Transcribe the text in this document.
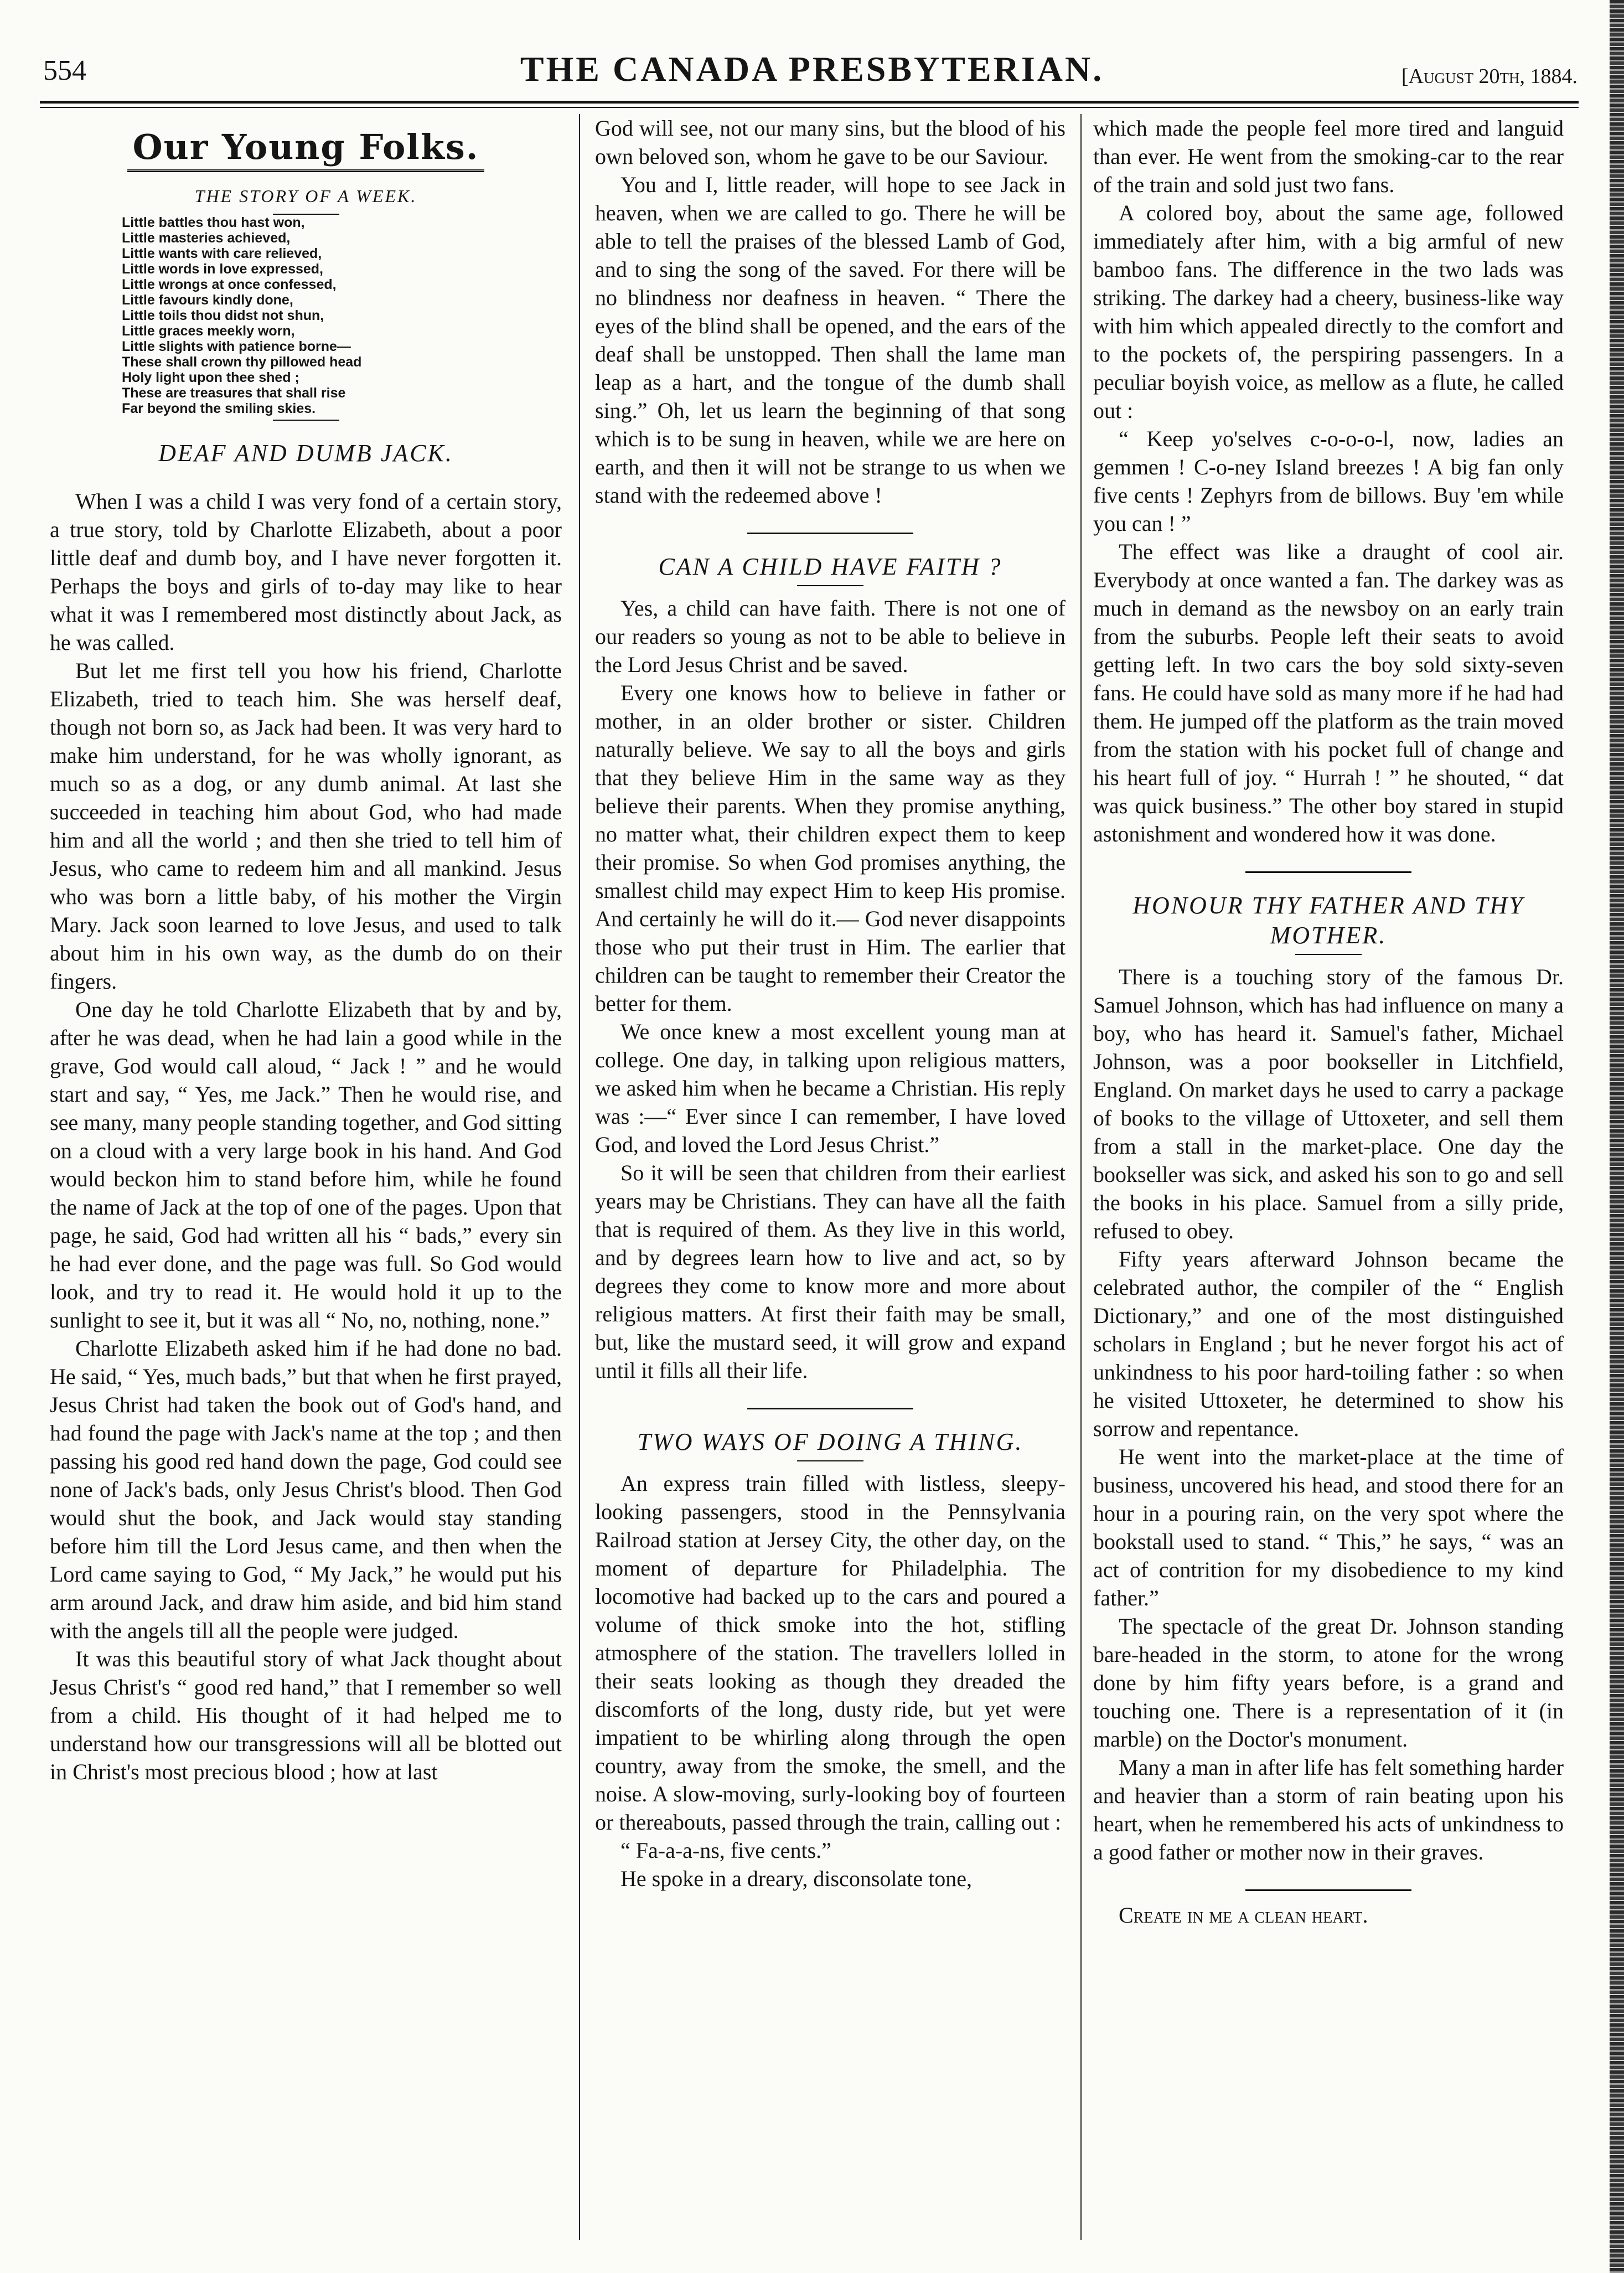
554	THE CANADA PRESBYTERIAN.	[August 20th, 1884.
Our Young Folks.
THE STORY OF A WEEK.
Little battles thou hast won,
Little masteries achieved,
Little wants with care relieved,
Little words in love expressed,
Little wrongs at once confessed,
Little favours kindly done,
Little toils thou didst not shun,
Little graces meekly worn,
Little slights with patience borne—
These shall crown thy pillowed head
Holy light upon thee shed ;
These are treasures that shall rise
Far beyond the smiling skies.
DEAF AND DUMB JACK.

When I was a child I was very fond of a certain story, a true story, told by Charlotte Elizabeth, about a poor little deaf and dumb boy, and I have never forgotten it. Perhaps the boys and girls of to-day may like to hear what it was I remembered most distinctly about Jack, as he was called.

But let me first tell you how his friend, Charlotte Elizabeth, tried to teach him. She was herself deaf, though not born so, as Jack had been. It was very hard to make him understand, for he was wholly ignorant, as much so as a dog, or any dumb animal. At last she succeeded in teaching him about God, who had made him and all the world ; and then she tried to tell him of Jesus, who came to redeem him and all mankind. Jesus who was born a little baby, of his mother the Virgin Mary. Jack soon learned to love Jesus, and used to talk about him in his own way, as the dumb do on their fingers.

One day he told Charlotte Elizabeth that by and by, after he was dead, when he had lain a good while in the grave, God would call aloud, “ Jack ! ” and he would start and say, “ Yes, me Jack.” Then he would rise, and see many, many people standing together, and God sitting on a cloud with a very large book in his hand. And God would beckon him to stand before him, while he found the name of Jack at the top of one of the pages. Upon that page, he said, God had written all his “ bads,” every sin he had ever done, and the page was full. So God would look, and try to read it. He would hold it up to the sunlight to see it, but it was all “ No, no, nothing, none.”

Charlotte Elizabeth asked him if he had done no bad. He said, “ Yes, much bads,” but that when he first prayed, Jesus Christ had taken the book out of God's hand, and had found the page with Jack's name at the top ; and then passing his good red hand down the page, God could see none of Jack's bads, only Jesus Christ's blood. Then God would shut the book, and Jack would stay standing before him till the Lord Jesus came, and then when the Lord came saying to God, “ My Jack,” he would put his arm around Jack, and draw him aside, and bid him stand with the angels till all the people were judged.

It was this beautiful story of what Jack thought about Jesus Christ's “ good red hand,” that I remember so well from a child. His thought of it had helped me to understand how our transgressions will all be blotted out in Christ's most precious blood ; how at last

God will see, not our many sins, but the blood of his own beloved son, whom he gave to be our Saviour.

You and I, little reader, will hope to see Jack in heaven, when we are called to go. There he will be able to tell the praises of the blessed Lamb of God, and to sing the song of the saved. For there will be no blindness nor deafness in heaven. “ There the eyes of the blind shall be opened, and the ears of the deaf shall be unstopped. Then shall the lame man leap as a hart, and the tongue of the dumb shall sing.” Oh, let us learn the beginning of that song which is to be sung in heaven, while we are here on earth, and then it will not be strange to us when we stand with the redeemed above !

CAN A CHILD HAVE FAITH ?

Yes, a child can have faith. There is not one of our readers so young as not to be able to believe in the Lord Jesus Christ and be saved.

Every one knows how to believe in father or mother, in an older brother or sister. Children naturally believe. We say to all the boys and girls that they believe Him in the same way as they believe their parents. When they promise anything, no matter what, their children expect them to keep their promise. So when God promises anything, the smallest child may expect Him to keep His promise. And certainly he will do it.— God never disappoints those who put their trust in Him. The earlier that children can be taught to remember their Creator the better for them.

We once knew a most excellent young man at college. One day, in talking upon religious matters, we asked him when he became a Christian. His reply was :—“ Ever since I can remember, I have loved God, and loved the Lord Jesus Christ.”

So it will be seen that children from their earliest years may be Christians. They can have all the faith that is required of them. As they live in this world, and by degrees learn how to live and act, so by degrees they come to know more and more about religious matters. At first their faith may be small, but, like the mustard seed, it will grow and expand until it fills all their life.

TWO WAYS OF DOING A THING.

An express train filled with listless, sleepy-looking passengers, stood in the Pennsylvania Railroad station at Jersey City, the other day, on the moment of departure for Philadelphia. The locomotive had backed up to the cars and poured a volume of thick smoke into the hot, stifling atmosphere of the station. The travellers lolled in their seats looking as though they dreaded the discomforts of the long, dusty ride, but yet were impatient to be whirling along through the open country, away from the smoke, the smell, and the noise. A slow-moving, surly-looking boy of fourteen or thereabouts, passed through the train, calling out :

“ Fa-a-a-ns, five cents.”

He spoke in a dreary, disconsolate tone,

which made the people feel more tired and languid than ever. He went from the smoking-car to the rear of the train and sold just two fans.

A colored boy, about the same age, followed immediately after him, with a big armful of new bamboo fans. The difference in the two lads was striking. The darkey had a cheery, business-like way with him which appealed directly to the comfort and to the pockets of, the perspiring passengers. In a peculiar boyish voice, as mellow as a flute, he called out :

“ Keep yo'selves c-o-o-o-l, now, ladies an gemmen ! C-o-ney Island breezes ! A big fan only five cents ! Zephyrs from de billows. Buy 'em while you can ! ”

The effect was like a draught of cool air. Everybody at once wanted a fan. The darkey was as much in demand as the newsboy on an early train from the suburbs. People left their seats to avoid getting left. In two cars the boy sold sixty-seven fans. He could have sold as many more if he had had them. He jumped off the platform as the train moved from the station with his pocket full of change and his heart full of joy. “ Hurrah ! ” he shouted, “ dat was quick business.” The other boy stared in stupid astonishment and wondered how it was done.

HONOUR THY FATHER AND THY MOTHER.

There is a touching story of the famous Dr. Samuel Johnson, which has had influence on many a boy, who has heard it. Samuel's father, Michael Johnson, was a poor bookseller in Litchfield, England. On market days he used to carry a package of books to the village of Uttoxeter, and sell them from a stall in the market-place. One day the bookseller was sick, and asked his son to go and sell the books in his place. Samuel from a silly pride, refused to obey.

Fifty years afterward Johnson became the celebrated author, the compiler of the “ English Dictionary,” and one of the most distinguished scholars in England ; but he never forgot his act of unkindness to his poor hard-toiling father : so when he visited Uttoxeter, he determined to show his sorrow and repentance.

He went into the market-place at the time of business, uncovered his head, and stood there for an hour in a pouring rain, on the very spot where the bookstall used to stand. “ This,” he says, “ was an act of contrition for my disobedience to my kind father.”

The spectacle of the great Dr. Johnson standing bare-headed in the storm, to atone for the wrong done by him fifty years before, is a grand and touching one. There is a representation of it (in marble) on the Doctor's monument.

Many a man in after life has felt something harder and heavier than a storm of rain beating upon his heart, when he remembered his acts of unkindness to a good father or mother now in their graves.

Create in me a clean heart.
